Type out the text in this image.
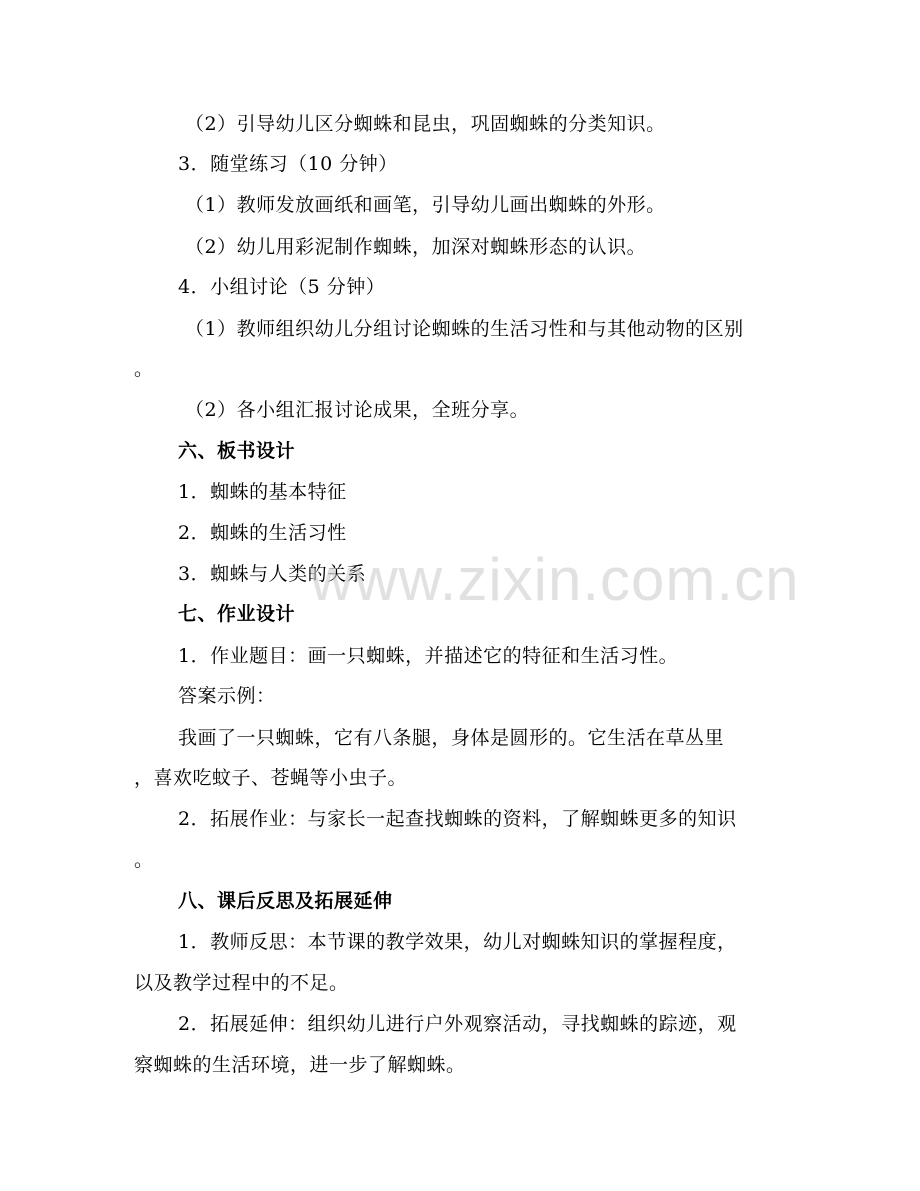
（2）引导幼儿区分蜘蛛和昆虫，巩固蜘蛛的分类知识。
3．随堂练习（10 分钟）
（1）教师发放画纸和画笔，引导幼儿画出蜘蛛的外形。
（2）幼儿用彩泥制作蜘蛛，加深对蜘蛛形态的认识。
4．小组讨论（5 分钟）
（1）教师组织幼儿分组讨论蜘蛛的生活习性和与其他动物的区别
。
（2）各小组汇报讨论成果，全班分享。
六、板书设计
1．蜘蛛的基本特征
2．蜘蛛的生活习性
3．蜘蛛与人类的关系
七、作业设计
1．作业题目：画一只蜘蛛，并描述它的特征和生活习性。
答案示例：
我画了一只蜘蛛，它有八条腿，身体是圆形的。它生活在草丛里
，喜欢吃蚊子、苍蝇等小虫子。
2．拓展作业：与家长一起查找蜘蛛的资料，了解蜘蛛更多的知识
。
八、课后反思及拓展延伸
1．教师反思：本节课的教学效果，幼儿对蜘蛛知识的掌握程度，
以及教学过程中的不足。
2．拓展延伸：组织幼儿进行户外观察活动，寻找蜘蛛的踪迹，观
察蜘蛛的生活环境，进一步了解蜘蛛。
www.zixin.com.cn
